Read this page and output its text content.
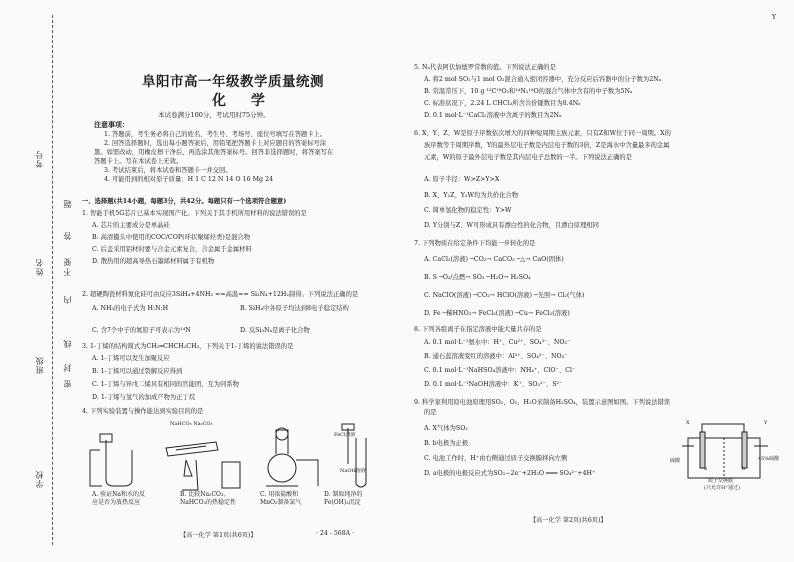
考号
姓名
班级
学校
题
答
要
不
内
线
封
密
阜阳市高一年级教学质量统测
化 学
本试卷满分100分，考试用时75分钟。
注意事项：
1. 答题前，考生务必将自己的姓名、考生号、考场号、座位号填写在答题卡上。
2. 回答选择题时，选出每小题答案后，用铅笔把答题卡上对应题目的答案标号涂
黑。如需改动，用橡皮擦干净后，再选涂其他答案标号。回答非选择题时，将答案写在
答题卡上。写在本试卷上无效。
3. 考试结束后，将本试卷和答题卡一并交回。
4. 可能用到的相对原子质量：H 1 C 12 N 14 O 16 Mg 24
一、选择题(共14小题，每题3分，共42分。每题只有一个选项符合题意)
1. 智能手机5G芯片已基本实现国产化。下列关于其手机所用材料的说法错误的是
A. 芯片的主要成分是单晶硅
B. 高清摄头中使用的COC/COP(环状聚烯烃类)是混合物
C. 后盖采用铝材时要与合金元素复合，合金属于金属材料
D. 散热用的超高导热石墨烯材料属于有机物
2. 超硬陶瓷材料氮化硅可由反应3SiH₄+4NH₃ ==高温== Si₃N₄+12H₂制得。下列说法正确的是
A. NH₃的电子式为 H:N:H	B. SiH₄中各原子均达到8电子稳定结构
C. 含7个中子的氮原子可表示为¹⁴N	D. 反Si₃N₄是离子化合物
3. 1-丁烯的结构简式为CH₂═CHCH₂CH₃，下列关于1-丁烯的说法错误的是
A. 1-丁烯可以发生加聚反应
B. 1-丁烯可以通过裂解反应得到
C. 1-丁烯与异戊二烯具有相同的官能团，互为同系物
D. 1-丁烯与氢气的加成产物为正丁烷
4. 下列实验装置与操作能达到实验目的的是
NaHCO₃ Na₂CO₃
FeCl溶液
NaOH溶液
A. 验证Na和水的反
应是否为放热反应
B. 比较Na₂CO₃、
NaHCO₃的热稳定性
C. 用浓盐酸和
MnO₂制备氯气
D. 制取纯净的
Fe(OH)₂沉淀
【高一化学 第1页(共6页)】	· 24 - 568A ·
Y
5. Nₐ代表阿伏加德罗常数的值。下列说法正确的是
A. 将2 mol SO₂与1 mol O₂混合通入密闭容器中，充分反应后容器中的分子数为2Nₐ
B. 常温常压下，10 g ¹²C¹⁸O₂和¹⁴N₂¹⁸O的混合气体中含有的中子数为5Nₐ
C. 标准状况下，2.24 L CHCl₃所含共价键数目为0.4Nₐ
D. 0.1 mol·L⁻¹CaCl₂溶液中含离子的数目为2Nₐ
6. X、Y、Z、W是原子序数依次增大的四种短周期主族元素，只有Z和W位于同一周期。X的
族序数等于周期序数，Y的最外层电子数是内层电子数的3倍，Z是海水中含量最多的金属
元素，W的原子最外层电子数是其内层电子总数的一半。下列说法正确的是
A. 原子半径：W>Z>Y>X
B. X、Y₂Z、Y₂W均为共价化合物
C. 简单氢化物的稳定性：Y>W
D. Y分别与Z、W可形成具有漂白性的化合物，且漂白原理相同
7. 下列物质在给定条件下均能一步转化的是
A. CaCl₂(溶液) ─CO₂→ CaCO₃ ─△→ CaO(固体)
B. S ─O₂/点燃→ SO₃ ─H₂O→ H₂SO₄
C. NaClO(溶液) ─CO₂→ HClO(溶液) ─光照→ Cl₂(气体)
D. Fe ─稀HNO₃→ FeCl₃(溶液) ─Cu→ FeCl₂(溶液)
8. 下列各组离子在指定溶液中能大量共存的是
A. 0.1 mol·L⁻¹氨水中：H⁺、Cu²⁺、SO₄²⁻、NO₃⁻
B. 通石蕊溶液变红的溶液中：Al³⁺、SO₄²⁻、NO₃⁻
C. 0.1 mol·L⁻¹NaHSO₄溶液中：NH₄⁺、ClO⁻、Cl⁻
D. 0.1 mol·L⁻¹NaOH溶液中：K⁺、SO₃²⁻、S²⁻
9. 科学家利用原电池原理用SO₂、O₂、H₂O来制备H₂SO₄，装置示意图如图。下列说法错误
的是
A. X气体为SO₂
B. b电极为正极
C. 电池工作时，H⁺由右侧通过质子交换膜移向左侧
D. a电极的电极反应式为SO₂−2e⁻+2H₂O ═══ SO₄²⁻+4H⁺
X	Y
a	b
硫酸	45%硫酸
质子交换膜
(只允许H⁺通过)
【高一化学 第2页(共6页)】
